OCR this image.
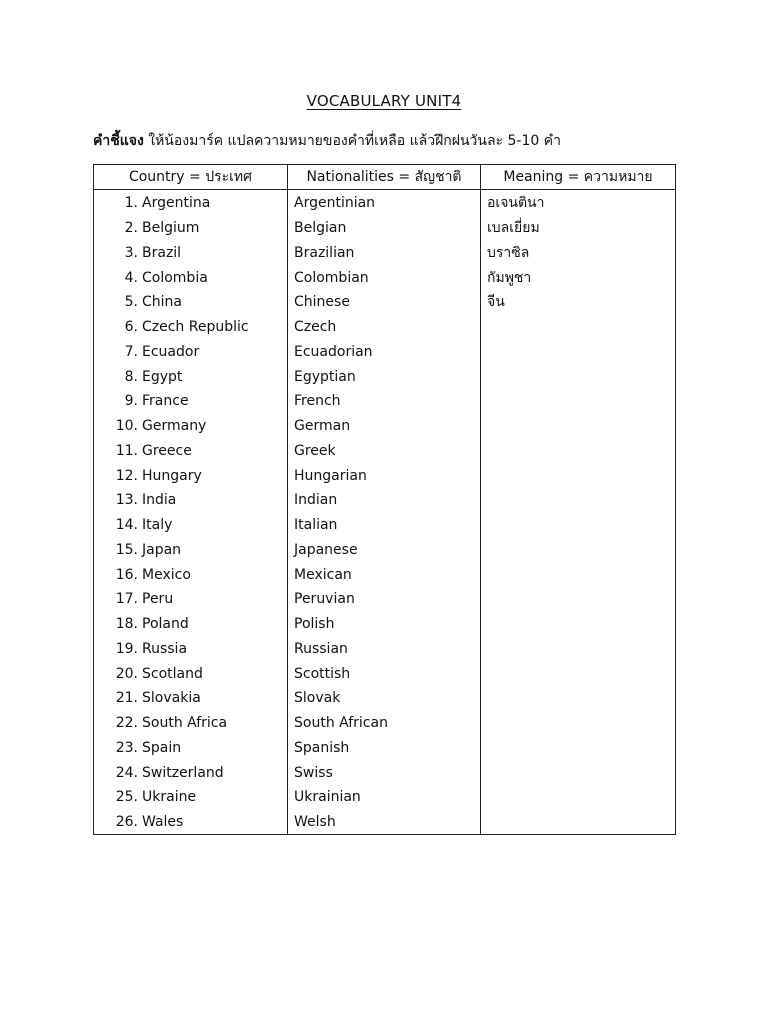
VOCABULARY UNIT4
คำชี้แจง ให้น้องมาร์ค แปลความหมายของคำที่เหลือ แล้วฝึกฝนวันละ 5-10 คำ
Country = ประเทศ	Nationalities = สัญชาติ	Meaning = ความหมาย
1. Argentina	Argentinian	อเจนตินา
2. Belgium	Belgian	เบลเยี่ยม
3. Brazil	Brazilian	บราซิล
4. Colombia	Colombian	กัมพูชา
5. China	Chinese	จีน
6. Czech Republic	Czech	
7. Ecuador	Ecuadorian	
8. Egypt	Egyptian	
9. France	French	
10. Germany	German	
11. Greece	Greek	
12. Hungary	Hungarian	
13. India	Indian	
14. Italy	Italian	
15. Japan	Japanese	
16. Mexico	Mexican	
17. Peru	Peruvian	
18. Poland	Polish	
19. Russia	Russian	
20. Scotland	Scottish	
21. Slovakia	Slovak	
22. South Africa	South African	
23. Spain	Spanish	
24. Switzerland	Swiss	
25. Ukraine	Ukrainian	
26. Wales	Welsh	
